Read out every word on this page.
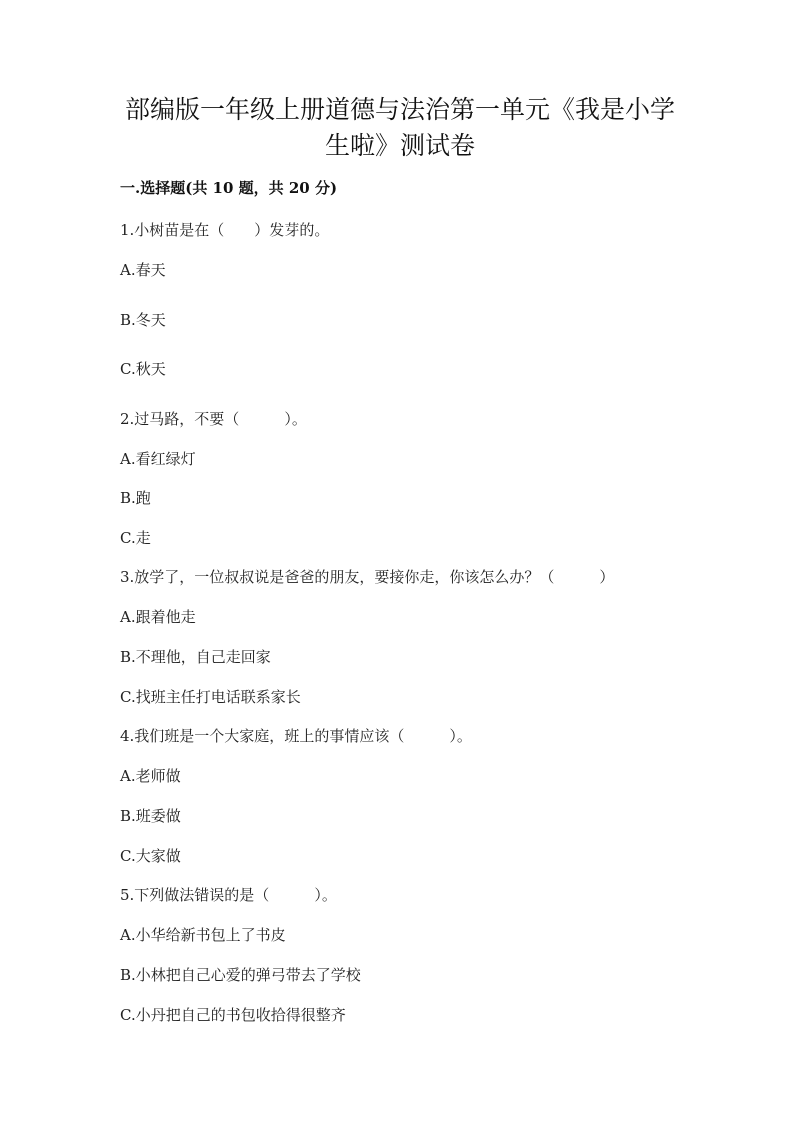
部编版一年级上册道德与法治第一单元《我是小学
生啦》测试卷

一.选择题(共 10 题，共 20 分)

1.小树苗是在（　　）发芽的。

A.春天

B.冬天

C.秋天

2.过马路，不要（　　　）。

A.看红绿灯

B.跑

C.走

3.放学了，一位叔叔说是爸爸的朋友，要接你走，你该怎么办？（　　　）

A.跟着他走

B.不理他，自己走回家

C.找班主任打电话联系家长

4.我们班是一个大家庭，班上的事情应该（　　　）。

A.老师做

B.班委做

C.大家做

5.下列做法错误的是（　　　）。

A.小华给新书包上了书皮

B.小林把自己心爱的弹弓带去了学校

C.小丹把自己的书包收拾得很整齐
